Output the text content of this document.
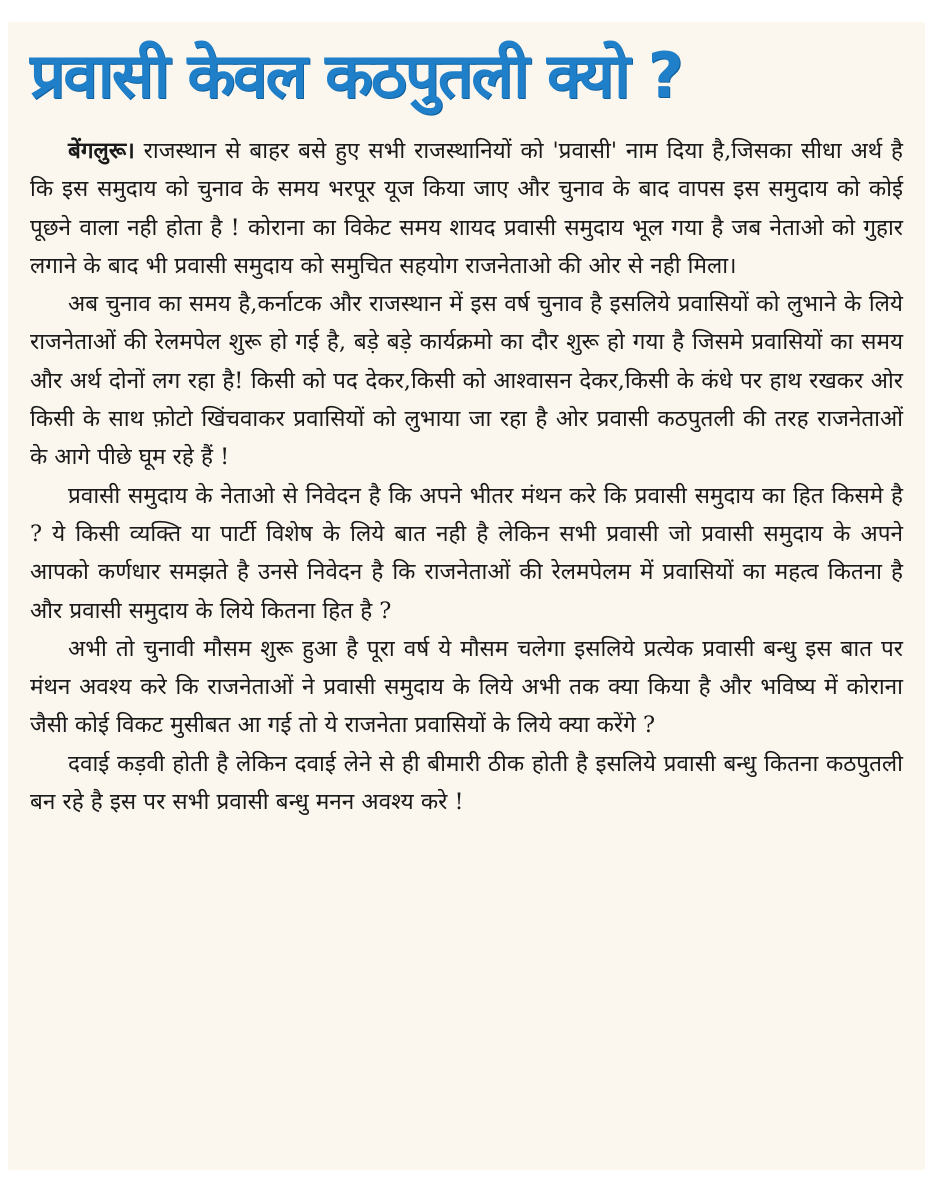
प्रवासी केवल कठपुतली क्यो ?

बेंगलुरू। राजस्थान से बाहर बसे हुए सभी राजस्थानियों को 'प्रवासी' नाम दिया है,जिसका सीधा अर्थ है कि इस समुदाय को चुनाव के समय भरपूर यूज किया जाए और चुनाव के बाद वापस इस समुदाय को कोई पूछने वाला नही होता है ! कोराना का विकेट समय शायद प्रवासी समुदाय भूल गया है जब नेताओ को गुहार लगाने के बाद भी प्रवासी समुदाय को समुचित सहयोग राजनेताओ की ओर से नही मिला।

अब चुनाव का समय है,कर्नाटक और राजस्थान में इस वर्ष चुनाव है इसलिये प्रवासियों को लुभाने के लिये राजनेताओं की रेलमपेल शुरू हो गई है, बड़े बड़े कार्यक्रमो का दौर शुरू हो गया है जिसमे प्रवासियों का समय और अर्थ दोनों लग रहा है! किसी को पद देकर,किसी को आश्वासन देकर,किसी के कंधे पर हाथ रखकर ओर किसी के साथ फ़ोटो खिंचवाकर प्रवासियों को लुभाया जा रहा है ओर प्रवासी कठपुतली की तरह राजनेताओं के आगे पीछे घूम रहे हैं !

प्रवासी समुदाय के नेताओ से निवेदन है कि अपने भीतर मंथन करे कि प्रवासी समुदाय का हित किसमे है ? ये किसी व्यक्ति या पार्टी विशेष के लिये बात नही है लेकिन सभी प्रवासी जो प्रवासी समुदाय के अपने आपको कर्णधार समझते है उनसे निवेदन है कि राजनेताओं की रेलमपेलम में प्रवासियों का महत्व कितना है और प्रवासी समुदाय के लिये कितना हित है ?

अभी तो चुनावी मौसम शुरू हुआ है पूरा वर्ष ये मौसम चलेगा इसलिये प्रत्येक प्रवासी बन्धु इस बात पर मंथन अवश्य करे कि राजनेताओं ने प्रवासी समुदाय के लिये अभी तक क्या किया है और भविष्य में कोराना जैसी कोई विकट मुसीबत आ गई तो ये राजनेता प्रवासियों के लिये क्या करेंगे ?

दवाई कड़वी होती है लेकिन दवाई लेने से ही बीमारी ठीक होती है इसलिये प्रवासी बन्धु कितना कठपुतली बन रहे है इस पर सभी प्रवासी बन्धु मनन अवश्य करे !
